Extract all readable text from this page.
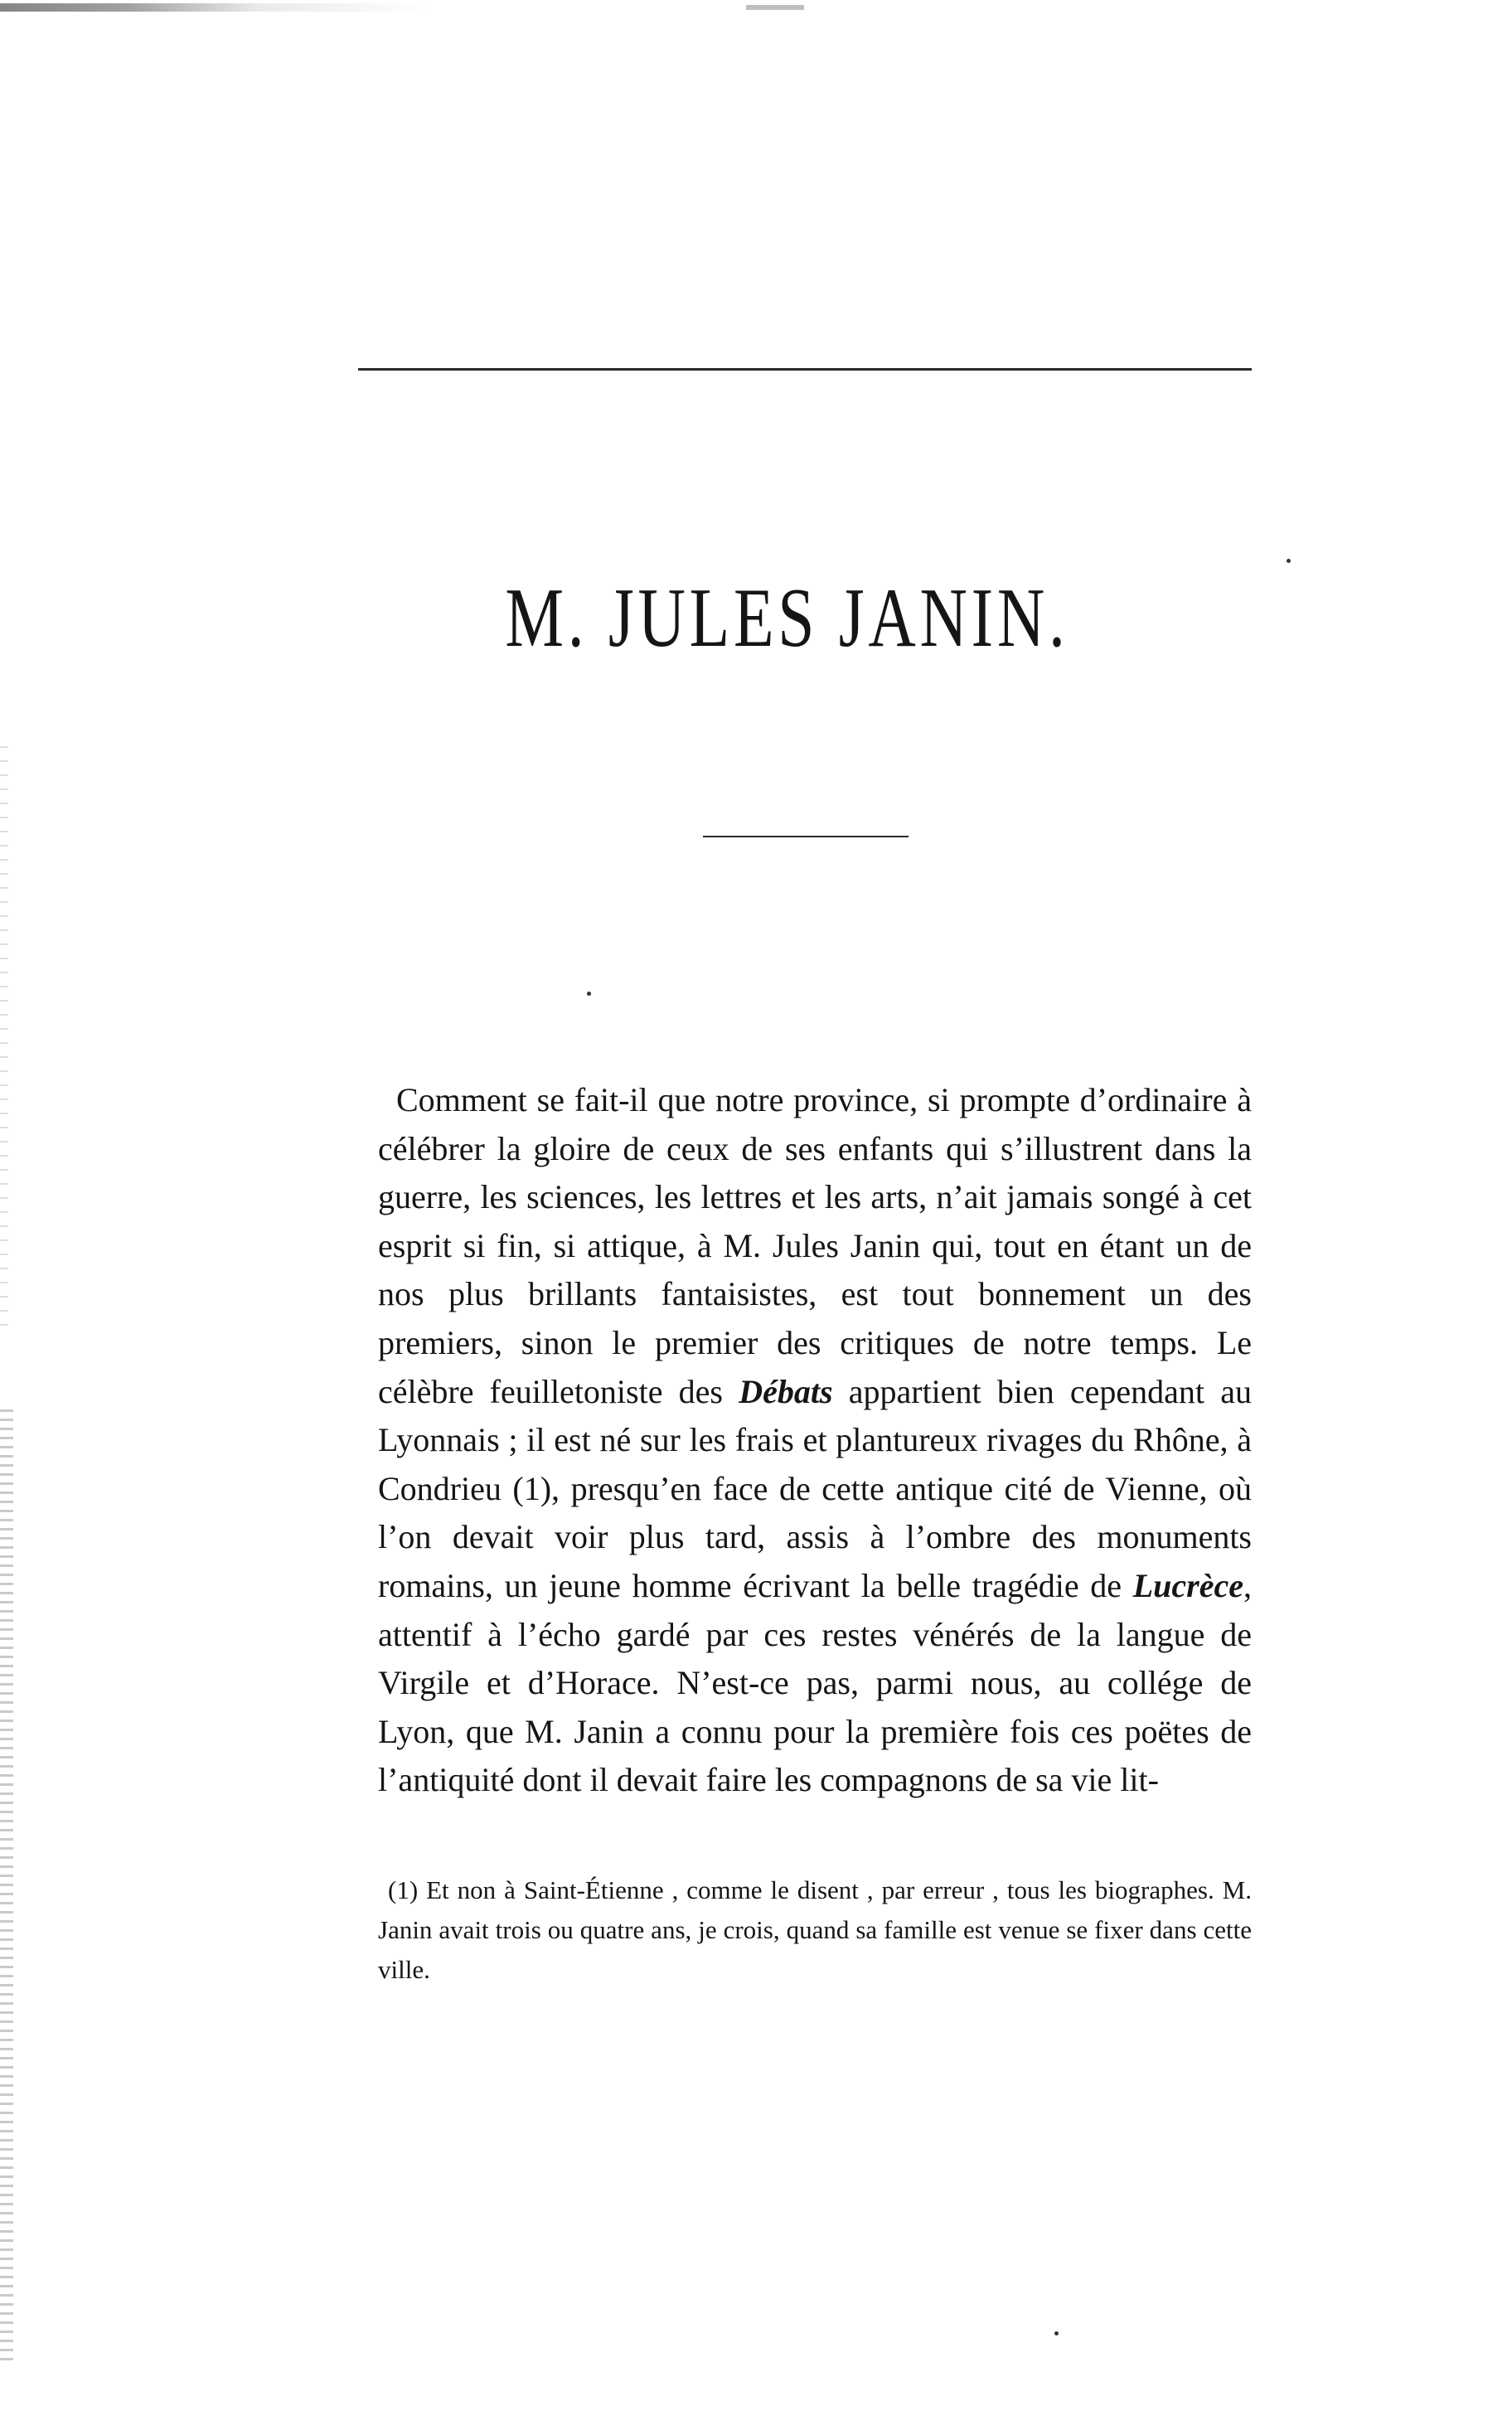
M. JULES JANIN.

Comment se fait-il que notre province, si prompte d’ordinaire à célébrer la gloire de ceux de ses enfants qui s’illustrent dans la guerre, les sciences, les lettres et les arts, n’ait jamais songé à cet esprit si fin, si attique, à M. Jules Janin qui, tout en étant un de nos plus brillants fantaisistes, est tout bonnement un des premiers, sinon le premier des critiques de notre temps. Le célèbre feuilletoniste des Débats appartient bien cependant au Lyonnais ; il est né sur les frais et plantureux rivages du Rhône, à Condrieu (1), presqu’en face de cette antique cité de Vienne, où l’on devait voir plus tard, assis à l’ombre des monuments romains, un jeune homme écrivant la belle tragédie de Lucrèce, attentif à l’écho gardé par ces restes vénérés de la langue de Virgile et d’Horace. N’est-ce pas, parmi nous, au collége de Lyon, que M. Janin a connu pour la première fois ces poëtes de l’antiquité dont il devait faire les compagnons de sa vie lit-

(1) Et non à Saint-Étienne , comme le disent , par erreur , tous les biographes. M. Janin avait trois ou quatre ans, je crois, quand sa famille est venue se fixer dans cette ville.
